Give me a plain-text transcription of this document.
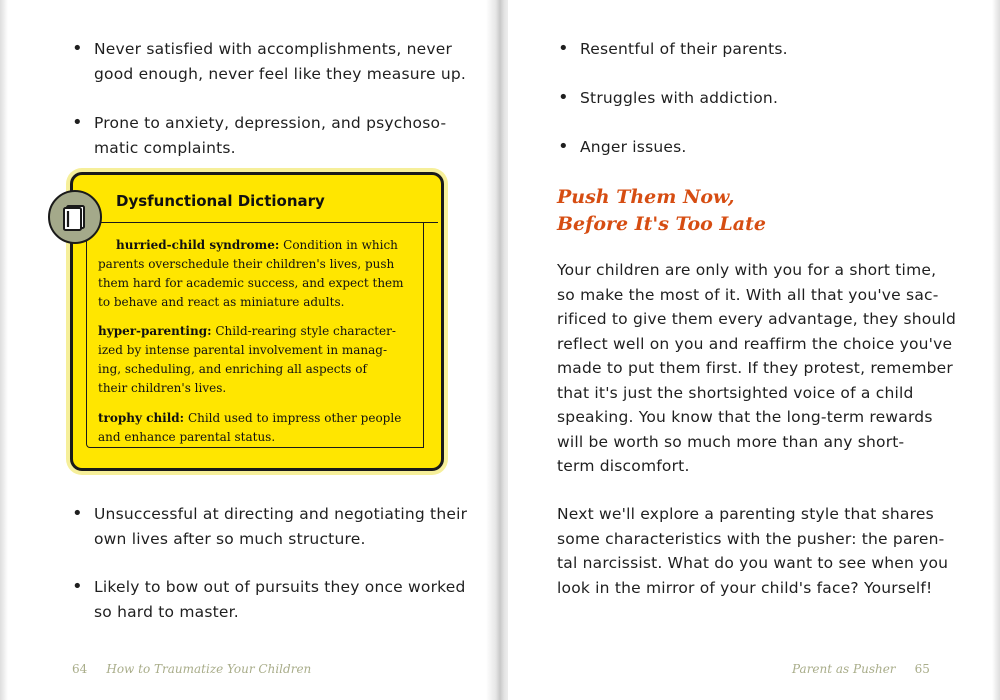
• Never satisfied with accomplishments, never
good enough, never feel like they measure up.
• Prone to anxiety, depression, and psychoso-
matic complaints.
Dysfunctional Dictionary
hurried-child syndrome: Condition in which
parents overschedule their children's lives, push
them hard for academic success, and expect them
to behave and react as miniature adults.
hyper-parenting: Child-rearing style character-
ized by intense parental involvement in manag-
ing, scheduling, and enriching all aspects of
their children's lives.
trophy child: Child used to impress other people
and enhance parental status.
• Unsuccessful at directing and negotiating their
own lives after so much structure.
• Likely to bow out of pursuits they once worked
so hard to master.
64 How to Traumatize Your Children
• Resentful of their parents.
• Struggles with addiction.
• Anger issues.
Push Them Now,
Before It's Too Late
Your children are only with you for a short time,
so make the most of it. With all that you've sac-
rificed to give them every advantage, they should
reflect well on you and reaffirm the choice you've
made to put them first. If they protest, remember
that it's just the shortsighted voice of a child
speaking. You know that the long-term rewards
will be worth so much more than any short-
term discomfort.
Next we'll explore a parenting style that shares
some characteristics with the pusher: the paren-
tal narcissist. What do you want to see when you
look in the mirror of your child's face? Yourself!
Parent as Pusher 65
